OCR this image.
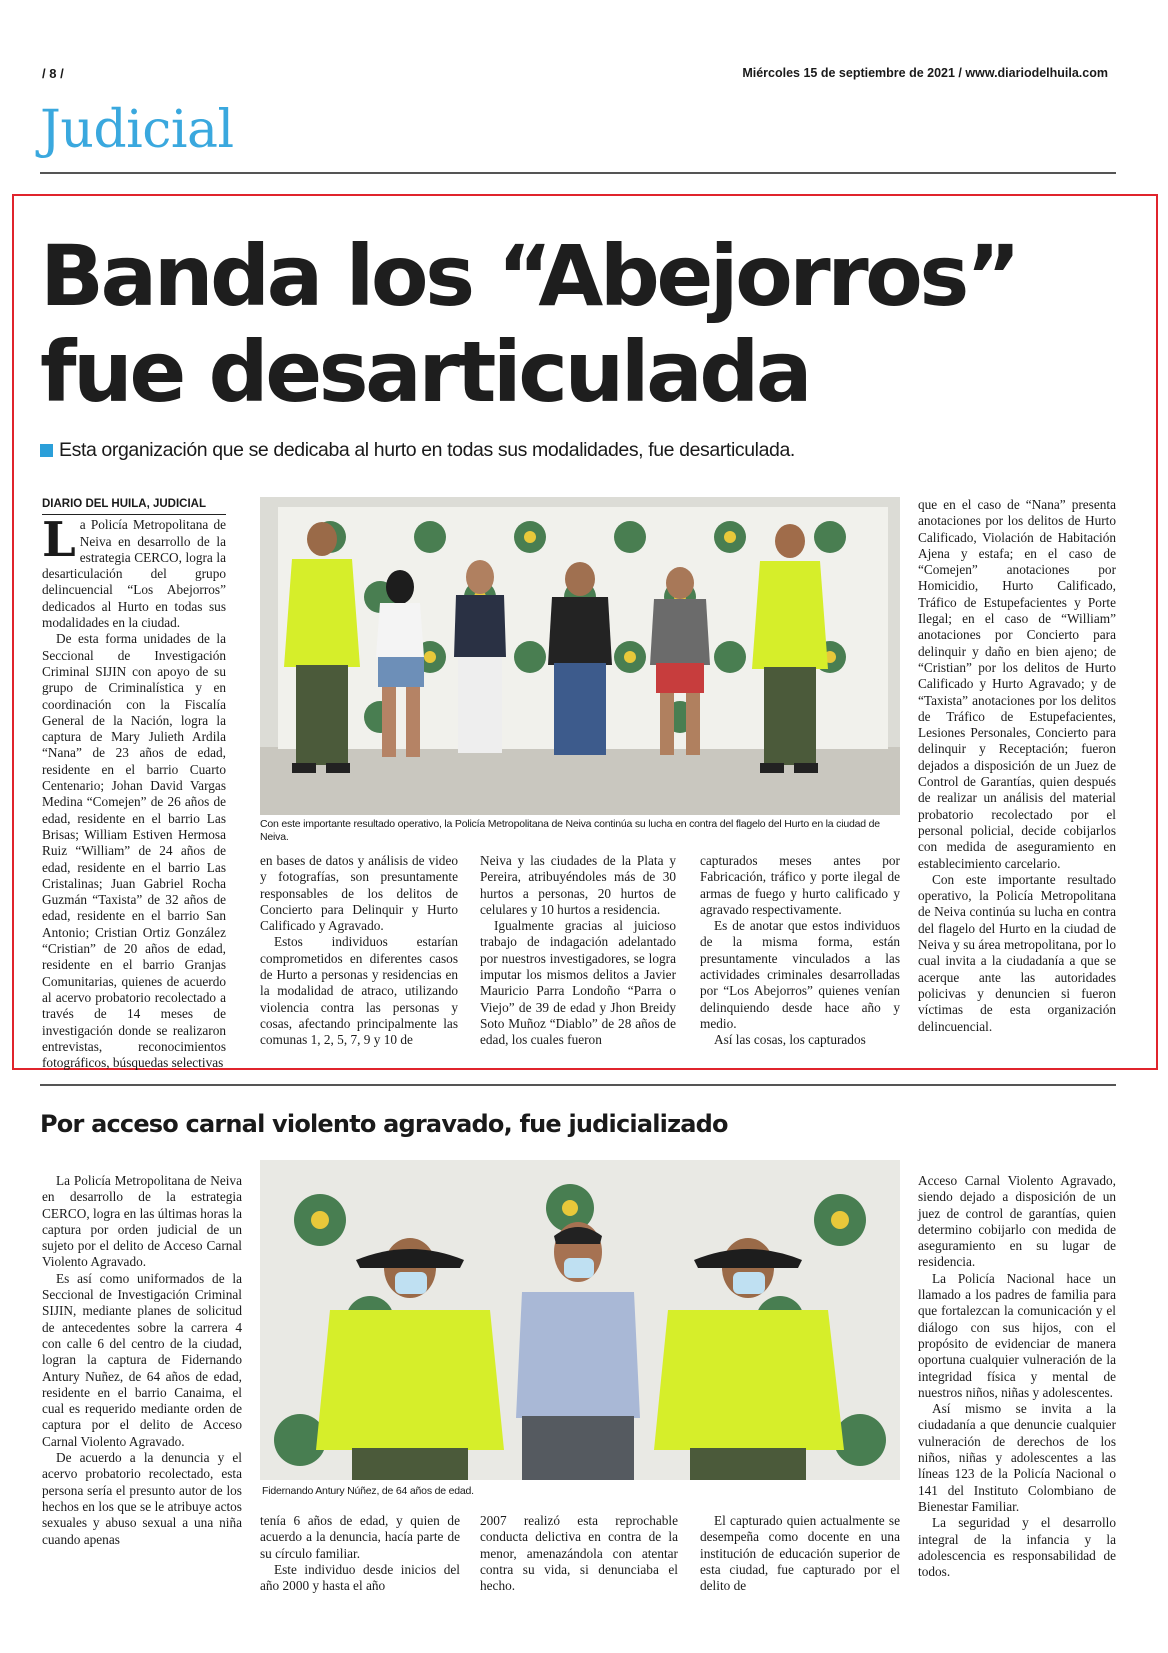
/ 8 /	Miércoles 15 de septiembre de 2021 / www.diariodelhuila.com
Judicial
Banda los “Abejorros”
fue desarticulada
Esta organización que se dedicaba al hurto en todas sus modalidades, fue desarticulada.
DIARIO DEL HUILA, JUDICIAL

La Policía Metropolitana de Neiva en desarrollo de la estrategia CERCO, logra la desarticulación del grupo delincuencial “Los Abejorros” dedicados al Hurto en todas sus modalidades en la ciudad.

De esta forma unidades de la Seccional de Investigación Criminal SIJIN con apoyo de su grupo de Criminalística y en coordinación con la Fiscalía General de la Nación, logra la captura de Mary Julieth Ardila “Nana” de 23 años de edad, residente en el barrio Cuarto Centenario; Johan David Vargas Medina “Comejen” de 26 años de edad, residente en el barrio Las Brisas; William Estiven Hermosa Ruiz “William” de 24 años de edad, residente en el barrio Las Cristalinas; Juan Gabriel Rocha Guzmán “Taxista” de 32 años de edad, residente en el barrio San Antonio; Cristian Ortiz González “Cristian” de 20 años de edad, residente en el barrio Granjas Comunitarias, quienes de acuerdo al acervo probatorio recolectado a través de 14 meses de investigación donde se realizaron entrevistas, reconocimientos fotográficos, búsquedas selectivas

Con este importante resultado operativo, la Policía Metropolitana de Neiva continúa su lucha en contra del flagelo del Hurto en la ciudad de Neiva.

en bases de datos y análisis de video y fotografías, son presuntamente responsables de los delitos de Concierto para Delinquir y Hurto Calificado y Agravado.

Estos individuos estarían comprometidos en diferentes casos de Hurto a personas y residencias en la modalidad de atraco, utilizando violencia contra las personas y cosas, afectando principalmente las comunas 1, 2, 5, 7, 9 y 10 de

Neiva y las ciudades de la Plata y Pereira, atribuyéndoles más de 30 hurtos a personas, 20 hurtos de celulares y 10 hurtos a residencia.

Igualmente gracias al juicioso trabajo de indagación adelantado por nuestros investigadores, se logra imputar los mismos delitos a Javier Mauricio Parra Londoño “Parra o Viejo” de 39 de edad y Jhon Breidy Soto Muñoz “Diablo” de 28 años de edad, los cuales fueron

capturados meses antes por Fabricación, tráfico y porte ilegal de armas de fuego y hurto calificado y agravado respectivamente.

Es de anotar que estos individuos de la misma forma, están presuntamente vinculados a las actividades criminales desarrolladas por “Los Abejorros” quienes venían delinquiendo desde hace año y medio.

Así las cosas, los capturados

que en el caso de “Nana” presenta anotaciones por los delitos de Hurto Calificado, Violación de Habitación Ajena y estafa; en el caso de “Comejen” anotaciones por Homicidio, Hurto Calificado, Tráfico de Estupefacientes y Porte Ilegal; en el caso de “William” anotaciones por Concierto para delinquir y daño en bien ajeno; de “Cristian” por los delitos de Hurto Calificado y Hurto Agravado; y de “Taxista” anotaciones por los delitos de Tráfico de Estupefacientes, Lesiones Personales, Concierto para delinquir y Receptación; fueron dejados a disposición de un Juez de Control de Garantías, quien después de realizar un análisis del material probatorio recolectado por el personal policial, decide cobijarlos con medida de aseguramiento en establecimiento carcelario.

Con este importante resultado operativo, la Policía Metropolitana de Neiva continúa su lucha en contra del flagelo del Hurto en la ciudad de Neiva y su área metropolitana, por lo cual invita a la ciudadanía a que se acerque ante las autoridades policivas y denuncien si fueron víctimas de esta organización delincuencial.

Por acceso carnal violento agravado, fue judicializado

La Policía Metropolitana de Neiva en desarrollo de la estrategia CERCO, logra en las últimas horas la captura por orden judicial de un sujeto por el delito de Acceso Carnal Violento Agravado.

Es así como uniformados de la Seccional de Investigación Criminal SIJIN, mediante planes de solicitud de antecedentes sobre la carrera 4 con calle 6 del centro de la ciudad, logran la captura de Fidernando Antury Nuñez, de 64 años de edad, residente en el barrio Canaima, el cual es requerido mediante orden de captura por el delito de Acceso Carnal Violento Agravado.

De acuerdo a la denuncia y el acervo probatorio recolectado, esta persona sería el presunto autor de los hechos en los que se le atribuye actos sexuales y abuso sexual a una niña cuando apenas

Fidernando Antury Núñez, de 64 años de edad.

tenía 6 años de edad, y quien de acuerdo a la denuncia, hacía parte de su círculo familiar.

Este individuo desde inicios del año 2000 y hasta el año

2007 realizó esta reprochable conducta delictiva en contra de la menor, amenazándola con atentar contra su vida, si denunciaba el hecho.

El capturado quien actualmente se desempeña como docente en una institución de educación superior de esta ciudad, fue capturado por el delito de

Acceso Carnal Violento Agravado, siendo dejado a disposición de un juez de control de garantías, quien determino cobijarlo con medida de aseguramiento en su lugar de residencia.

La Policía Nacional hace un llamado a los padres de familia para que fortalezcan la comunicación y el diálogo con sus hijos, con el propósito de evidenciar de manera oportuna cualquier vulneración de la integridad física y mental de nuestros niños, niñas y adolescentes.

Así mismo se invita a la ciudadanía a que denuncie cualquier vulneración de derechos de los niños, niñas y adolescentes a las líneas 123 de la Policía Nacional o 141 del Instituto Colombiano de Bienestar Familiar.

La seguridad y el desarrollo integral de la infancia y la adolescencia es responsabilidad de todos.
